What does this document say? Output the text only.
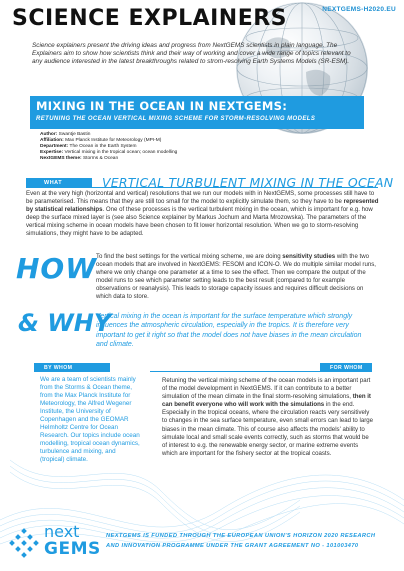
SCIENCE EXPLAINERS	NEXTGEMS-H2020.EU
Science explainers present the driving ideas and progress from NextGEMS scientists in plain language. The Explainers aim to show how scientists think and their way of working and cover a wide range of topics relevant to any audience interested in the latest breakthroughs related to strom-resolving Earth Systems Models (SR-ESM).
MIXING IN THE OCEAN IN NEXTGEMS:
RETUNING THE OCEAN VERTICAL MIXING SCHEME FOR STORM-RESOLVING MODELS
Author: Swantje Bastin
Affiliation: Max Planck Institute for Meteorology (MPI-M)
Department: The Ocean in the Earth System
Expertise: Vertical mixing in the tropical ocean; ocean modelling
NextGEMS theme: Storms & Ocean
WHAT	VERTICAL TURBULENT MIXING IN THE OCEAN
Even at the very high (horizontal and vertical) resolutions that we run our models with in NextGEMS, some processes still have to be parameterised. This means that they are still too small for the model to explicitly simulate them, so they have to be represented by statistical relationships. One of these processes is the vertical turbulent mixing in the ocean, which is important for e.g. how deep the surface mixed layer is (see also Science explainer by Markus Jochum and Marta Mrozowska). The parameters of the vertical mixing scheme in ocean models have been chosen to fit lower horizontal resolution. When we go to storm-resolving simulations, they might have to be adapted.
HOW
To find the best settings for the vertical mixing scheme, we are doing sensitivity studies with the two ocean models that are involved in NextGEMS: FESOM and ICON-O. We do multiple similar model runs, where we only change one parameter at a time to see the effect. Then we compare the output of the model runs to see which parameter setting leads to the best result (compared to for example observations or reanalysis). This leads to storage capacity issues and requires difficult decisions on which data to store.
& WHY
Vertical mixing in the ocean is important for the surface temperature which strongly influences the atmospheric circulation, especially in the tropics. It is therefore very important to get it right so that the model does not have biases in the mean circulation and climate.
BY WHOM
We are a team of scientists mainly from the Storms & Ocean theme, from the Max Planck Institute for Meteorology, the Alfred Wegener Institute, the University of Copenhagen and the GEOMAR Helmholtz Centre for Ocean Research. Our topics include ocean modelling, tropical ocean dynamics, turbulence and mixing, and (tropical) climate.
FOR WHOM
Retuning the vertical mixing scheme of the ocean models is an important part of the model development in NextGEMS. If it can contribute to a better simulation of the mean climate in the final storm-resolving simulations, then it can benefit everyone who will work with the simulations in the end. Especially in the tropical oceans, where the circulation reacts very sensitively to changes in the sea surface temperature, even small errors can lead to large biases in the mean climate. This of course also affects the models' ability to simulate local and small scale events correctly, such as storms that would be of interest to e.g. the renewable energy sector, or marine extreme events which are important for the fishery sector at the tropical coasts.
next
GEMS
NEXTGEMS IS FUNDED THROUGH THE EUROPEAN UNION'S HORIZON 2020 RESEARCH
AND INNOVATION PROGRAMME UNDER THE GRANT AGREEMENT NO - 101003470
